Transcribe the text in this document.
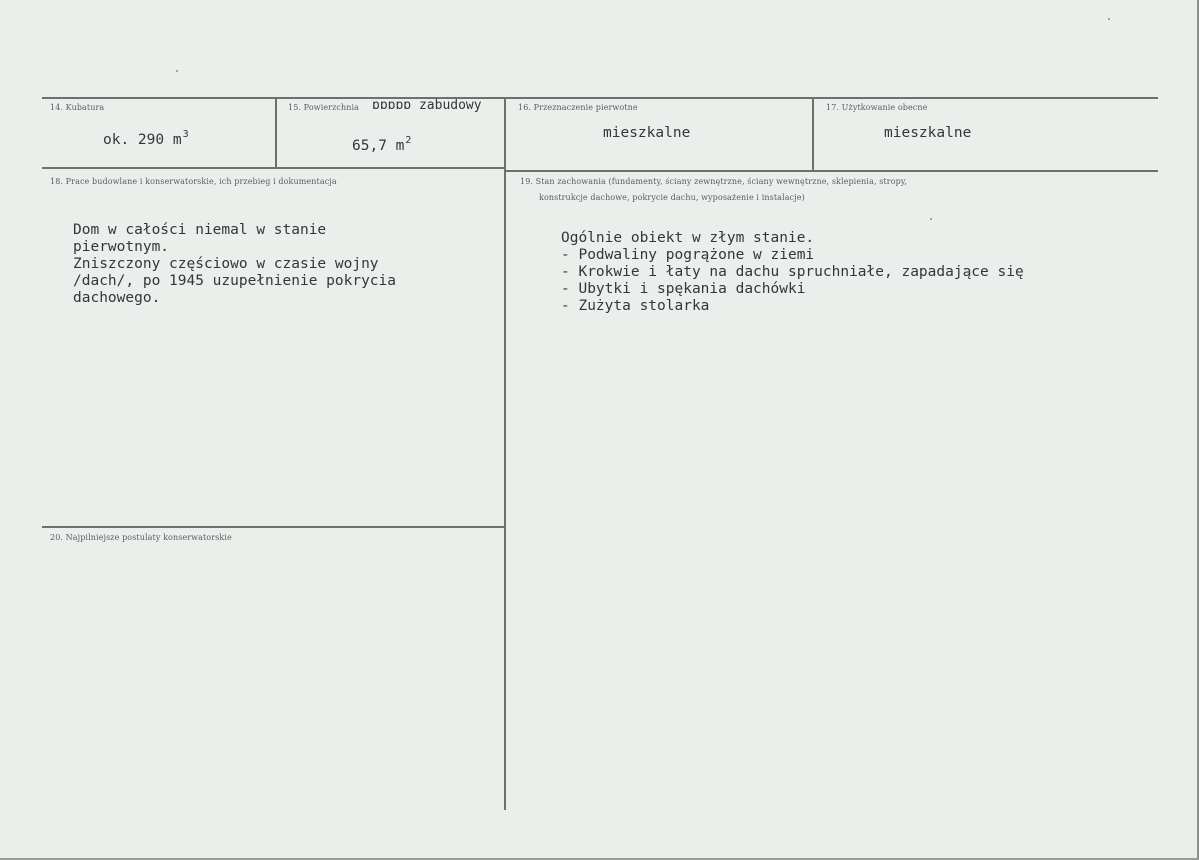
14. Kubatura
ok. 290 $m^3$
15. Powierzchnia ɒɒɒɒɒ zabudowy
65,7 $m^2$
16. Przeznaczenie pierwotne
mieszkalne
17. Użytkowanie obecne
mieszkalne
18. Prace budowlane i konserwatorskie, ich przebieg i dokumentacja
Dom w całości niemal w stanie
pierwotnym.
Zniszczony częściowo w czasie wojny
/dach/, po 1945 uzupełnienie pokrycia
dachowego.
19. Stan zachowania (fundamenty, ściany zewnętrzne, ściany wewnętrzne, sklepienia, stropy,
konstrukcje dachowe, pokrycie dachu, wyposażenie i instalacje)
Ogólnie obiekt w złym stanie.
- Podwaliny pogrążone w ziemi
- Krokwie i łaty na dachu spruchniałe, zapadające się
- Ubytki i spękania dachówki
- Zużyta stolarka
20. Najpilniejsze postulaty konserwatorskie
